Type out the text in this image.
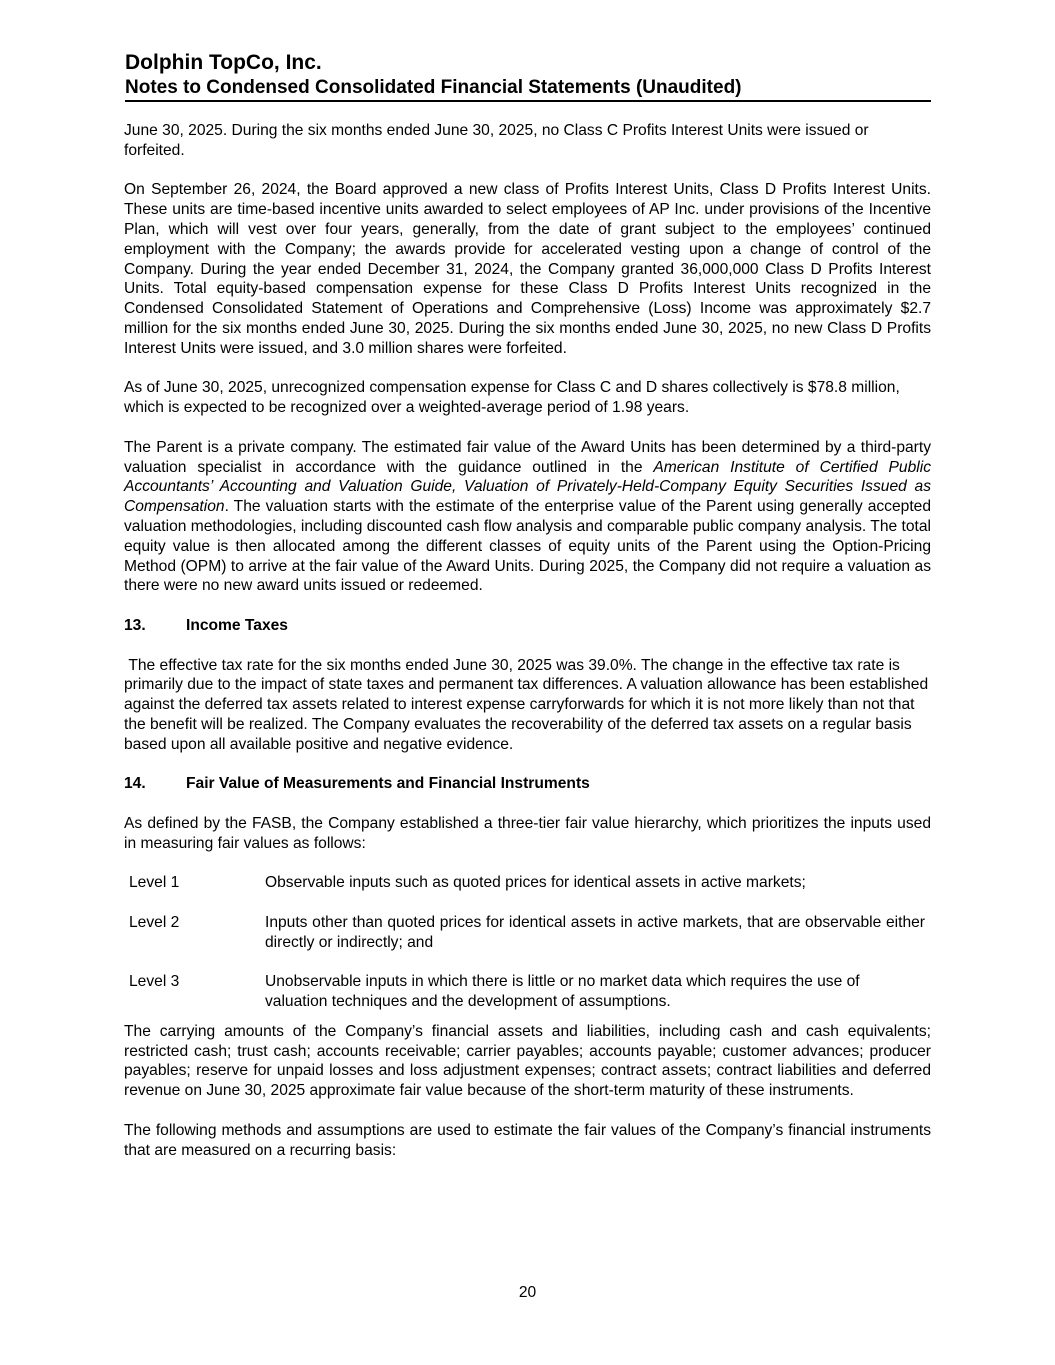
Dolphin TopCo, Inc.
Notes to Condensed Consolidated Financial Statements (Unaudited)

June 30, 2025. During the six months ended June 30, 2025, no Class C Profits Interest Units were issued or forfeited.

On September 26, 2024, the Board approved a new class of Profits Interest Units, Class D Profits Interest Units. These units are time-based incentive units awarded to select employees of AP Inc. under provisions of the Incentive Plan, which will vest over four years, generally, from the date of grant subject to the employees’ continued employment with the Company; the awards provide for accelerated vesting upon a change of control of the Company. During the year ended December 31, 2024, the Company granted 36,000,000 Class D Profits Interest Units. Total equity-based compensation expense for these Class D Profits Interest Units recognized in the Condensed Consolidated Statement of Operations and Comprehensive (Loss) Income was approximately $2.7 million for the six months ended June 30, 2025. During the six months ended June 30, 2025, no new Class D Profits Interest Units were issued, and 3.0 million shares were forfeited.

As of June 30, 2025, unrecognized compensation expense for Class C and D shares collectively is $78.8 million, which is expected to be recognized over a weighted-average period of 1.98 years.

The Parent is a private company. The estimated fair value of the Award Units has been determined by a third-party valuation specialist in accordance with the guidance outlined in the American Institute of Certified Public Accountants’ Accounting and Valuation Guide, Valuation of Privately-Held-Company Equity Securities Issued as Compensation. The valuation starts with the estimate of the enterprise value of the Parent using generally accepted valuation methodologies, including discounted cash flow analysis and comparable public company analysis. The total equity value is then allocated among the different classes of equity units of the Parent using the Option-Pricing Method (OPM) to arrive at the fair value of the Award Units. During 2025, the Company did not require a valuation as there were no new award units issued or redeemed.

13.	Income Taxes

The effective tax rate for the six months ended June 30, 2025 was 39.0%. The change in the effective tax rate is primarily due to the impact of state taxes and permanent tax differences. A valuation allowance has been established against the deferred tax assets related to interest expense carryforwards for which it is not more likely than not that the benefit will be realized. The Company evaluates the recoverability of the deferred tax assets on a regular basis based upon all available positive and negative evidence.

14.	Fair Value of Measurements and Financial Instruments

As defined by the FASB, the Company established a three-tier fair value hierarchy, which prioritizes the inputs used in measuring fair values as follows:

Level 1	Observable inputs such as quoted prices for identical assets in active markets;
Level 2	Inputs other than quoted prices for identical assets in active markets, that are observable either directly or indirectly; and
Level 3	Unobservable inputs in which there is little or no market data which requires the use of valuation techniques and the development of assumptions.

The carrying amounts of the Company’s financial assets and liabilities, including cash and cash equivalents; restricted cash; trust cash; accounts receivable; carrier payables; accounts payable; customer advances; producer payables; reserve for unpaid losses and loss adjustment expenses; contract assets; contract liabilities and deferred revenue on June 30, 2025 approximate fair value because of the short-term maturity of these instruments.

The following methods and assumptions are used to estimate the fair values of the Company’s financial instruments that are measured on a recurring basis:

20
